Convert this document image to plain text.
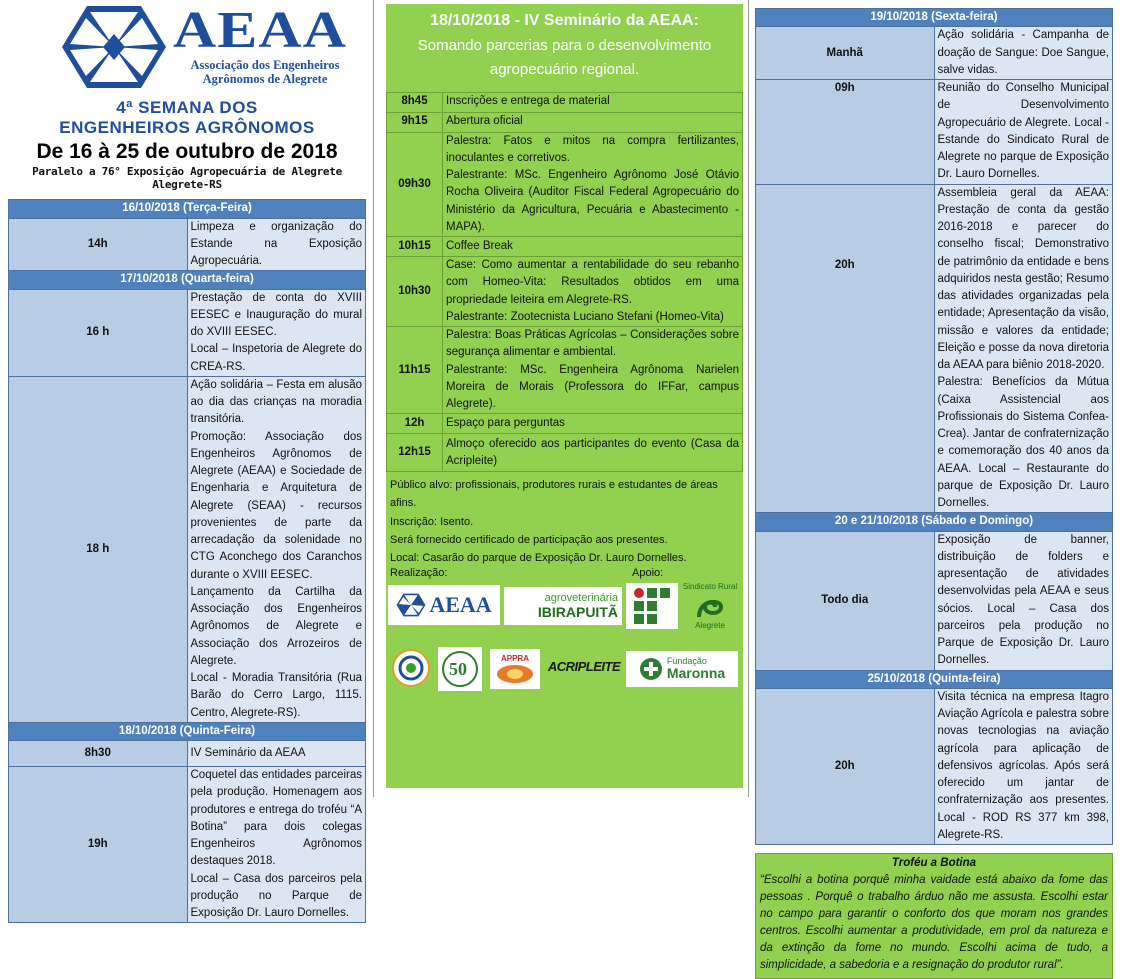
AEAA
Associação dos Engenheiros
Agrônomos de Alegrete
4ª SEMANA DOS
ENGENHEIROS AGRÔNOMOS
De 16 à 25 de outubro de 2018
Paralelo a 76° Exposição Agropecuária de Alegrete
Alegrete-RS
16/10/2018 (Terça-Feira)	
14h	Limpeza e organização do Estande na Exposição Agropecuária.
17/10/2018 (Quarta-feira)	
16 h	Prestação de conta do XVIII EESEC e Inauguração do mural do XVIII EESEC.

Local – Inspetoria de Alegrete do CREA-RS.

18 h	Ação solidária – Festa em alusão ao dia das crianças na moradia transitória.

Promoção: Associação dos Engenheiros Agrônomos de Alegrete (AEAA) e Sociedade de Engenharia e Arquitetura de Alegrete (SEAA) - recursos provenientes de parte da arrecadação da solenidade no CTG Aconchego dos Caranchos durante o XVIII EESEC.

Lançamento da Cartilha da Associação dos Engenheiros Agrônomos de Alegrete e Associação dos Arrozeiros de Alegrete.

Local - Moradia Transitória (Rua Barão do Cerro Largo, 1115. Centro, Alegrete-RS).

18/10/2018 (Quinta-Feira)	
8h30	IV Seminário da AEAA
19h	Coquetel das entidades parceiras pela produção. Homenagem aos produtores e entrega do troféu “A Botina” para dois colegas Engenheiros Agrônomos destaques 2018.

Local – Casa dos parceiros pela produção no Parque de Exposição Dr. Lauro Dornelles.

18/10/2018 - IV Seminário da AEAA:
Somando parcerias para o desenvolvimento
agropecuário regional.
8h45	Inscrições e entrega de material
9h15	Abertura oficial
09h30	Palestra: Fatos e mitos na compra fertilizantes, inoculantes e corretivos.

Palestrante: MSc. Engenheiro Agrônomo José Otávio Rocha Oliveira (Auditor Fiscal Federal Agropecuário do Ministério da Agricultura, Pecuária e Abastecimento - MAPA).

10h15	Coffee Break
10h30	Case: Como aumentar a rentabilidade do seu rebanho com Homeo-Vita: Resultados obtidos em uma propriedade leiteira em Alegrete-RS.

Palestrante: Zootecnista Luciano Stefani (Homeo-Vita)

11h15	Palestra: Boas Práticas Agrícolas – Considerações sobre segurança alimentar e ambiental.

Palestrante: MSc. Engenheira Agrônoma Narielen Moreira de Morais (Professora do IFFar, campus Alegrete).

12h	Espaço para perguntas
12h15	Almoço oferecido aos participantes do evento (Casa da Acripleite)
Público alvo: profissionais, produtores rurais e estudantes de áreas afins.
Inscrição: Isento.
Será fornecido certificado de participação aos presentes.
Local: Casarão do parque de Exposição Dr. Lauro Dornelles.
Realização:	Apoio:
AEAA	agroveterinária
IBIRAPUITÃ
Sindicato Rural
Alegrete
50
APPRA
ACRIPLEITE	Fundação
Maronna
19/10/2018 (Sexta-feira)	
Manhã	Ação solidária - Campanha de doação de Sangue: Doe Sangue, salve vidas.
09h	Reunião do Conselho Municipal de Desenvolvimento Agropecuário de Alegrete. Local - Estande do Sindicato Rural de Alegrete no parque de Exposição Dr. Lauro Dornelles.
20h	Assembleia geral da AEAA: Prestação de conta da gestão 2016-2018 e parecer do conselho fiscal; Demonstrativo de patrimônio da entidade e bens adquiridos nesta gestão; Resumo das atividades organizadas pela entidade; Apresentação da visão, missão e valores da entidade; Eleição e posse da nova diretoria da AEAA para biênio 2018-2020.

Palestra: Benefícios da Mútua (Caixa Assistencial aos Profissionais do Sistema Confea-Crea). Jantar de confraternização e comemoração dos 40 anos da AEAA. Local – Restaurante do parque de Exposição Dr. Lauro Dornelles.

20 e 21/10/2018 (Sábado e Domingo)	
Todo dia	Exposição de banner, distribuição de folders e apresentação de atividades desenvolvidas pela AEAA e seus sócios. Local – Casa dos parceiros pela produção no Parque de Exposição Dr. Lauro Dornelles.
25/10/2018 (Quinta-feira)	
20h	Visita técnica na empresa Itagro Aviação Agrícola e palestra sobre novas tecnologias na aviação agrícola para aplicação de defensivos agrícolas. Após será oferecido um jantar de confraternização aos presentes. Local - ROD RS 377 km 398, Alegrete-RS.
Troféu a Botina
“Escolhi a botina porquê minha vaidade está abaixo da fome das pessoas . Porquê o trabalho árduo não me assusta. Escolhi estar no campo para garantir o conforto dos que moram nos grandes centros. Escolhi aumentar a produtividade, em prol da natureza e da extinção da fome no mundo. Escolhi acima de tudo, a simplicidade, a sabedoria e a resignação do produtor rural”.
